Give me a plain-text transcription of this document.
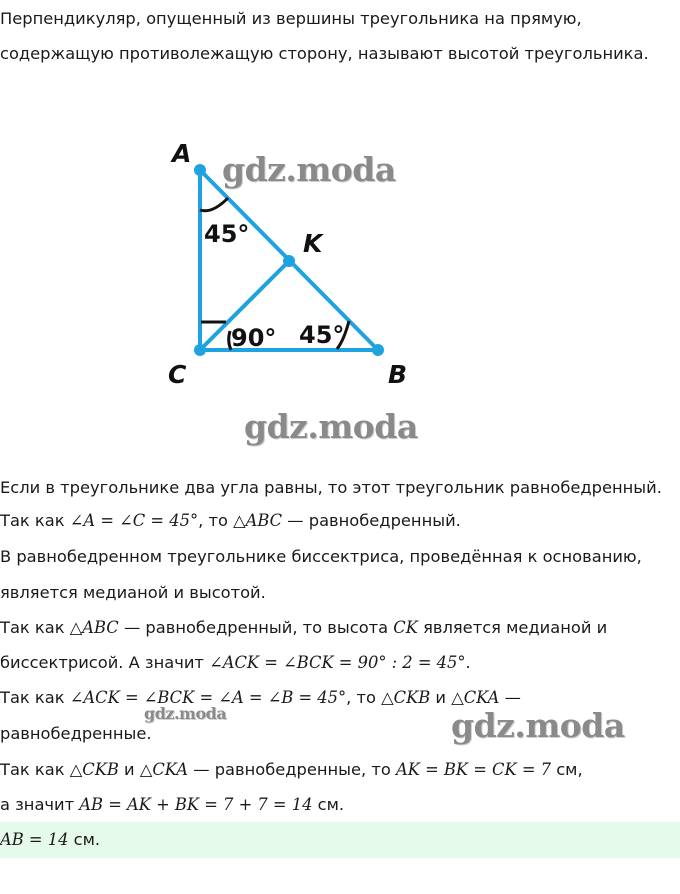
Перпендикуляр, опущенный из вершины треугольника на прямую,

содержащую противолежащую сторону, называют высотой треугольника.

A
K
C	B
45°
90° 45°
gdz.moda
gdz.moda
gdz.moda	gdz.moda

Если в треугольнике два угла равны, то этот треугольник равнобедренный.

Так как ∠A = ∠C = 45°, то △ABC — равнобедренный.

В равнобедренном треугольнике биссектриса, проведённая к основанию,

является медианой и высотой.

Так как △ABC — равнобедренный, то высота CK является медианой и

биссектрисой. А значит ∠ACK = ∠BCK = 90° : 2 = 45°.

Так как ∠ACK = ∠BCK = ∠A = ∠B = 45°, то △CKB и △CKA —

равнобедренные.

Так как △CKB и △CKA — равнобедренные, то AK = BK = CK = 7 см,

а значит AB = AK + BK = 7 + 7 = 14 см.

AB = 14 см.
